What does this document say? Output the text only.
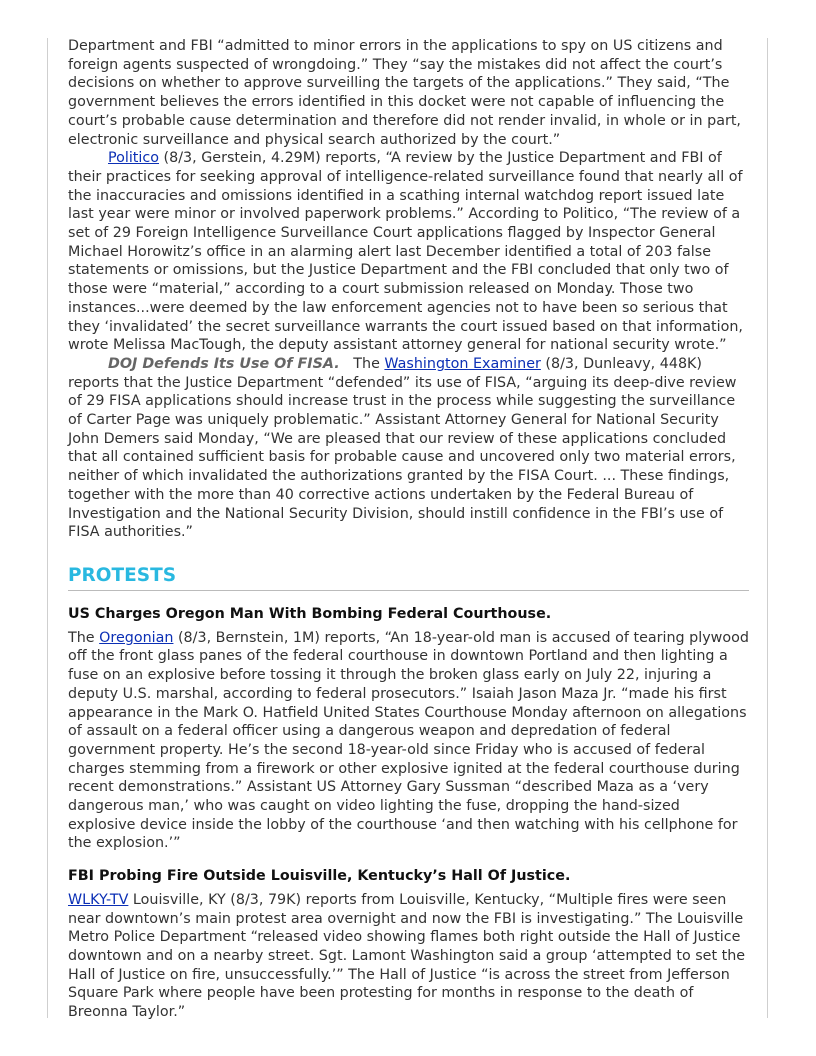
Department and FBI “admitted to minor errors in the applications to spy on US citizens and foreign agents suspected of wrongdoing.” They “say the mistakes did not affect the court’s decisions on whether to approve surveilling the targets of the applications.” They said, “The government believes the errors identified in this docket were not capable of influencing the court’s probable cause determination and therefore did not render invalid, in whole or in part, electronic surveillance and physical search authorized by the court.”

Politico (8/3, Gerstein, 4.29M) reports, “A review by the Justice Department and FBI of their practices for seeking approval of intelligence-related surveillance found that nearly all of the inaccuracies and omissions identified in a scathing internal watchdog report issued late last year were minor or involved paperwork problems.” According to Politico, “The review of a set of 29 Foreign Intelligence Surveillance Court applications flagged by Inspector General Michael Horowitz’s office in an alarming alert last December identified a total of 203 false statements or omissions, but the Justice Department and the FBI concluded that only two of those were “material,” according to a court submission released on Monday. Those two instances...were deemed by the law enforcement agencies not to have been so serious that they ‘invalidated’ the secret surveillance warrants the court issued based on that information, wrote Melissa MacTough, the deputy assistant attorney general for national security wrote.”

DOJ Defends Its Use Of FISA.   The Washington Examiner (8/3, Dunleavy, 448K) reports that the Justice Department “defended” its use of FISA, “arguing its deep-dive review of 29 FISA applications should increase trust in the process while suggesting the surveillance of Carter Page was uniquely problematic.” Assistant Attorney General for National Security John Demers said Monday, “We are pleased that our review of these applications concluded that all contained sufficient basis for probable cause and uncovered only two material errors, neither of which invalidated the authorizations granted by the FISA Court. ... These findings, together with the more than 40 corrective actions undertaken by the Federal Bureau of Investigation and the National Security Division, should instill confidence in the FBI’s use of FISA authorities.”

PROTESTS
US Charges Oregon Man With Bombing Federal Courthouse.

The Oregonian (8/3, Bernstein, 1M) reports, “An 18-year-old man is accused of tearing plywood off the front glass panes of the federal courthouse in downtown Portland and then lighting a fuse on an explosive before tossing it through the broken glass early on July 22, injuring a deputy U.S. marshal, according to federal prosecutors.” Isaiah Jason Maza Jr. “made his first appearance in the Mark O. Hatfield United States Courthouse Monday afternoon on allegations of assault on a federal officer using a dangerous weapon and depredation of federal government property. He’s the second 18-year-old since Friday who is accused of federal charges stemming from a firework or other explosive ignited at the federal courthouse during recent demonstrations.” Assistant US Attorney Gary Sussman “described Maza as a ‘very dangerous man,’ who was caught on video lighting the fuse, dropping the hand-sized explosive device inside the lobby of the courthouse ‘and then watching with his cellphone for the explosion.’”

FBI Probing Fire Outside Louisville, Kentucky’s Hall Of Justice.

WLKY-TV Louisville, KY (8/3, 79K) reports from Louisville, Kentucky, “Multiple fires were seen near downtown’s main protest area overnight and now the FBI is investigating.” The Louisville Metro Police Department “released video showing flames both right outside the Hall of Justice downtown and on a nearby street. Sgt. Lamont Washington said a group ‘attempted to set the Hall of Justice on fire, unsuccessfully.’” The Hall of Justice “is across the street from Jefferson Square Park where people have been protesting for months in response to the death of Breonna Taylor.”
